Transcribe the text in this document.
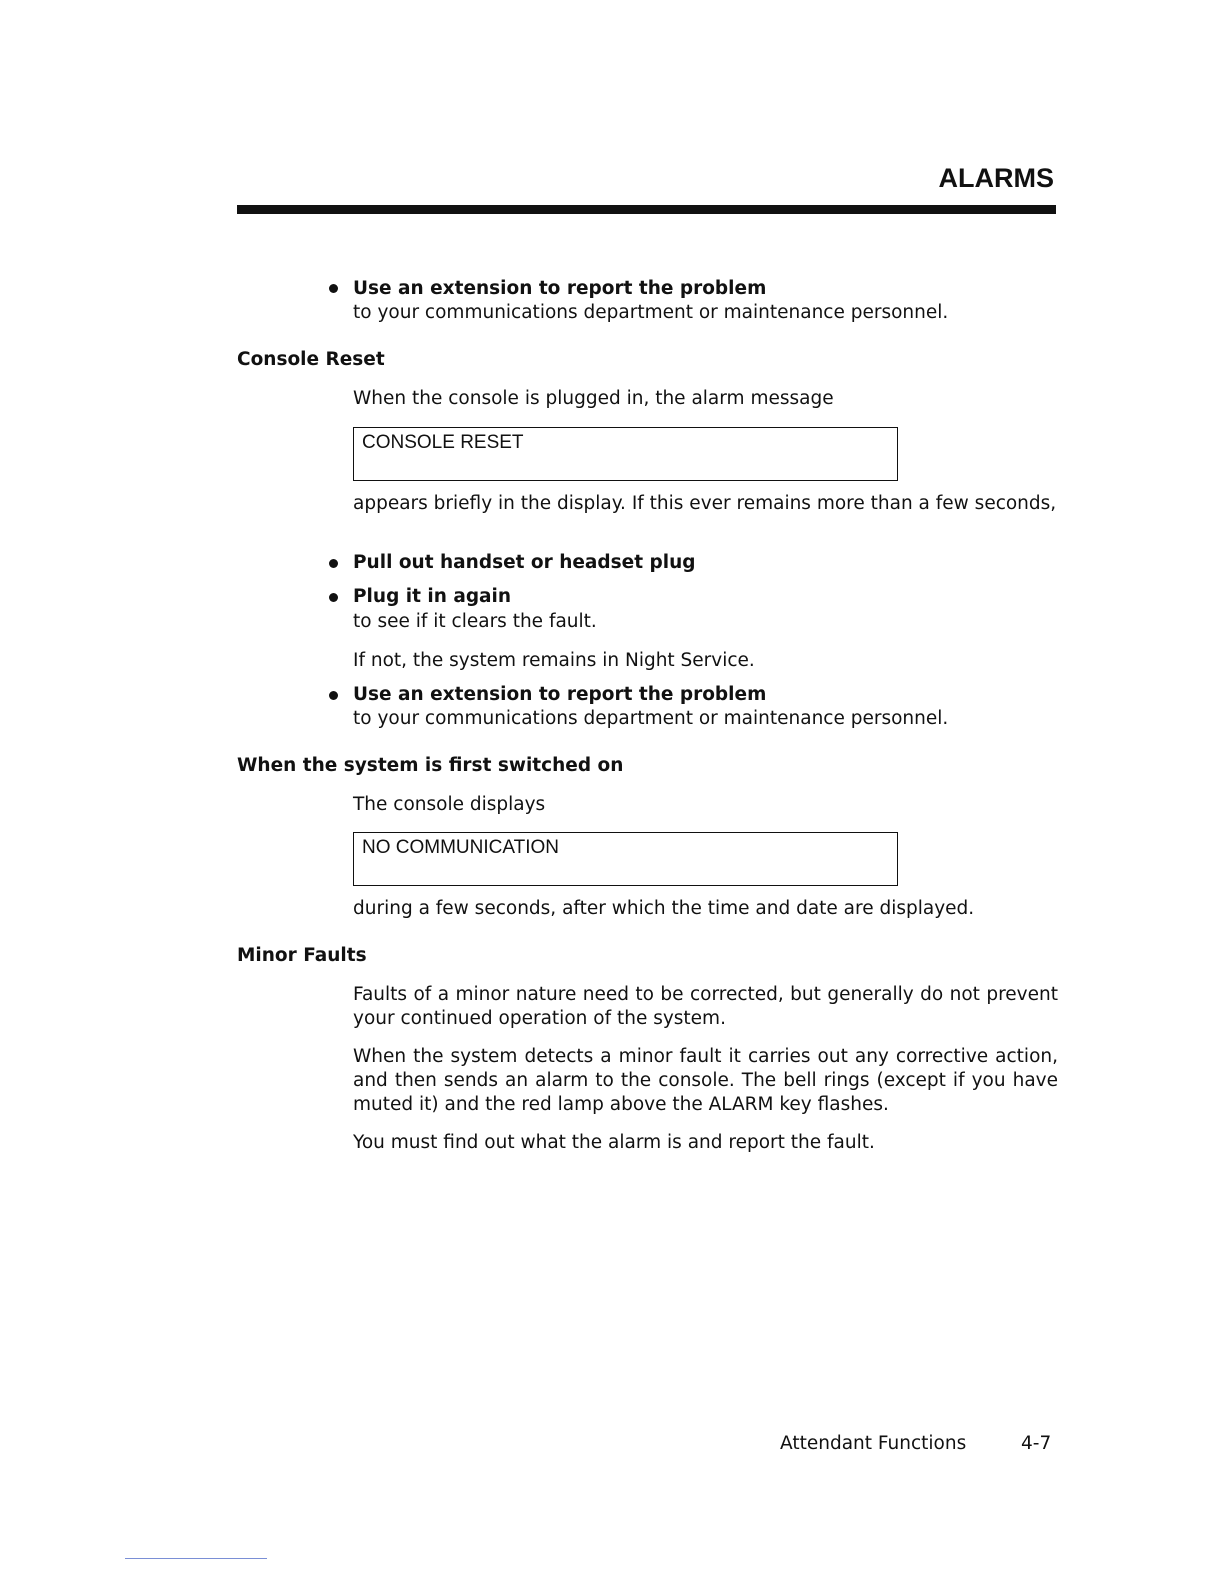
ALARMS
Use an extension to report the problem
to your communications department or maintenance personnel.
Console Reset
When the console is plugged in, the alarm message
CONSOLE RESET
appears briefly in the display. If this ever remains more than a few seconds,
Pull out handset or headset plug
Plug it in again
to see if it clears the fault.
If not, the system remains in Night Service.
Use an extension to report the problem
to your communications department or maintenance personnel.
When the system is first switched on
The console displays
NO COMMUNICATION
during a few seconds, after which the time and date are displayed.
Minor Faults
Faults of a minor nature need to be corrected, but generally do not prevent your continued operation of the system.
When the system detects a minor fault it carries out any corrective action, and then sends an alarm to the console. The bell rings (except if you have muted it) and the red lamp above the ALARM key flashes.
You must find out what the alarm is and report the fault.
Attendant Functions	4-7
